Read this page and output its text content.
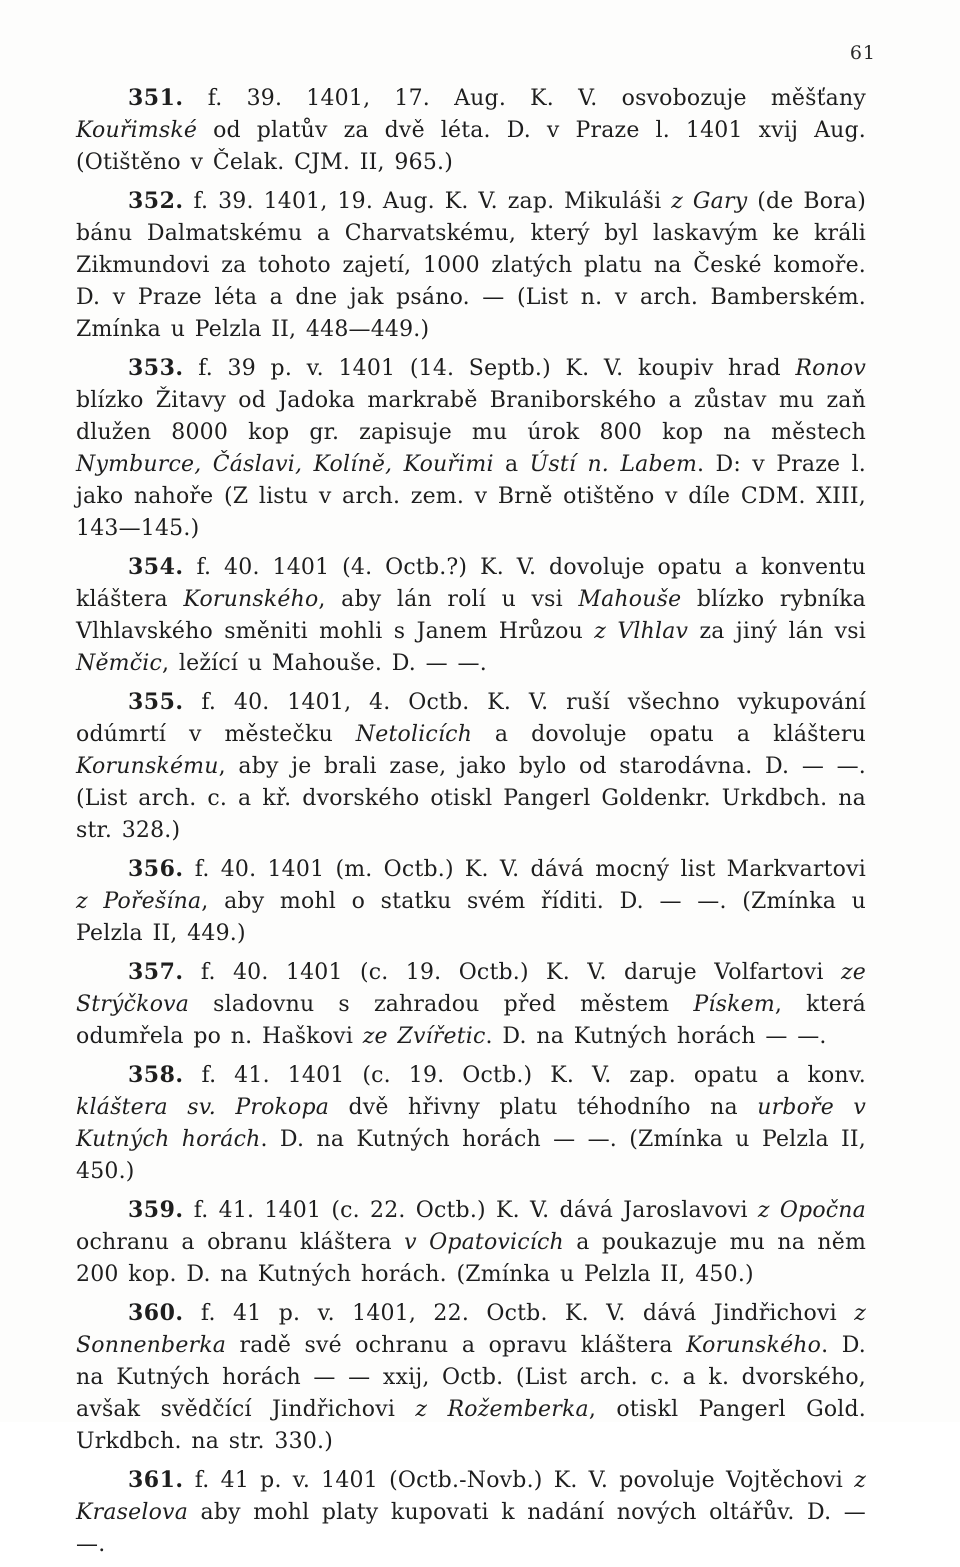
61

351. f. 39. 1401, 17. Aug. K. V. osvobozuje měšťany Kouřimské od platův za dvě léta. D. v Praze l. 1401 xvij Aug. (Otištěno v Čelak. CJM. II, 965.)

352. f. 39. 1401, 19. Aug. K. V. zap. Mikuláši z Gary (de Bora) bánu Dalmatskému a Charvatskému, který byl laskavým ke králi Zikmundovi za tohoto zajetí, 1000 zlatých platu na České komoře. D. v Praze léta a dne jak psáno. — (List n. v arch. Bamberském. Zmínka u Pelzla II, 448—449.)

353. f. 39 p. v. 1401 (14. Septb.) K. V. koupiv hrad Ronov blízko Žitavy od Jadoka markrabě Braniborského a zůstav mu zaň dlužen 8000 kop gr. zapisuje mu úrok 800 kop na městech Nymburce, Čáslavi, Kolíně, Kouřimi a Ústí n. Labem. D: v Praze l. jako nahoře (Z listu v arch. zem. v Brně otištěno v díle CDM. XIII, 143—145.)

354. f. 40. 1401 (4. Octb.?) K. V. dovoluje opatu a konventu kláštera Korunského, aby lán rolí u vsi Mahouše blízko rybníka Vlhlavského směniti mohli s Janem Hrůzou z Vlhlav za jiný lán vsi Němčic, ležící u Mahouše. D. — —.

355. f. 40. 1401, 4. Octb. K. V. ruší všechno vykupování odúmrtí v městečku Netolicích a dovoluje opatu a klášteru Korunskému, aby je brali zase, jako bylo od starodávna. D. — —. (List arch. c. a kř. dvorského otiskl Pangerl Goldenkr. Urkdbch. na str. 328.)

356. f. 40. 1401 (m. Octb.) K. V. dává mocný list Markvartovi z Pořešína, aby mohl o statku svém říditi. D. — —. (Zmínka u Pelzla II, 449.)

357. f. 40. 1401 (c. 19. Octb.) K. V. daruje Volfartovi ze Strýčkova sladovnu s zahradou před městem Pískem, která odumřela po n. Haškovi ze Zvířetic. D. na Kutných horách — —.

358. f. 41. 1401 (c. 19. Octb.) K. V. zap. opatu a konv. kláštera sv. Prokopa dvě hřivny platu téhodního na urboře v Kutných horách. D. na Kutných horách — —. (Zmínka u Pelzla II, 450.)

359. f. 41. 1401 (c. 22. Octb.) K. V. dává Jaroslavovi z Opočna ochranu a obranu kláštera v Opatovicích a poukazuje mu na něm 200 kop. D. na Kutných horách. (Zmínka u Pelzla II, 450.)

360. f. 41 p. v. 1401, 22. Octb. K. V. dává Jindřichovi z Sonnenberka radě své ochranu a opravu kláštera Korunského. D. na Kutných horách — — xxij, Octb. (List arch. c. a k. dvorského, avšak svědčící Jindřichovi z Rožemberka, otiskl Pangerl Gold. Urkdbch. na str. 330.)

361. f. 41 p. v. 1401 (Octb.-Novb.) K. V. povoluje Vojtěchovi z Kraselova aby mohl platy kupovati k nadání nových oltářův. D. — —.
